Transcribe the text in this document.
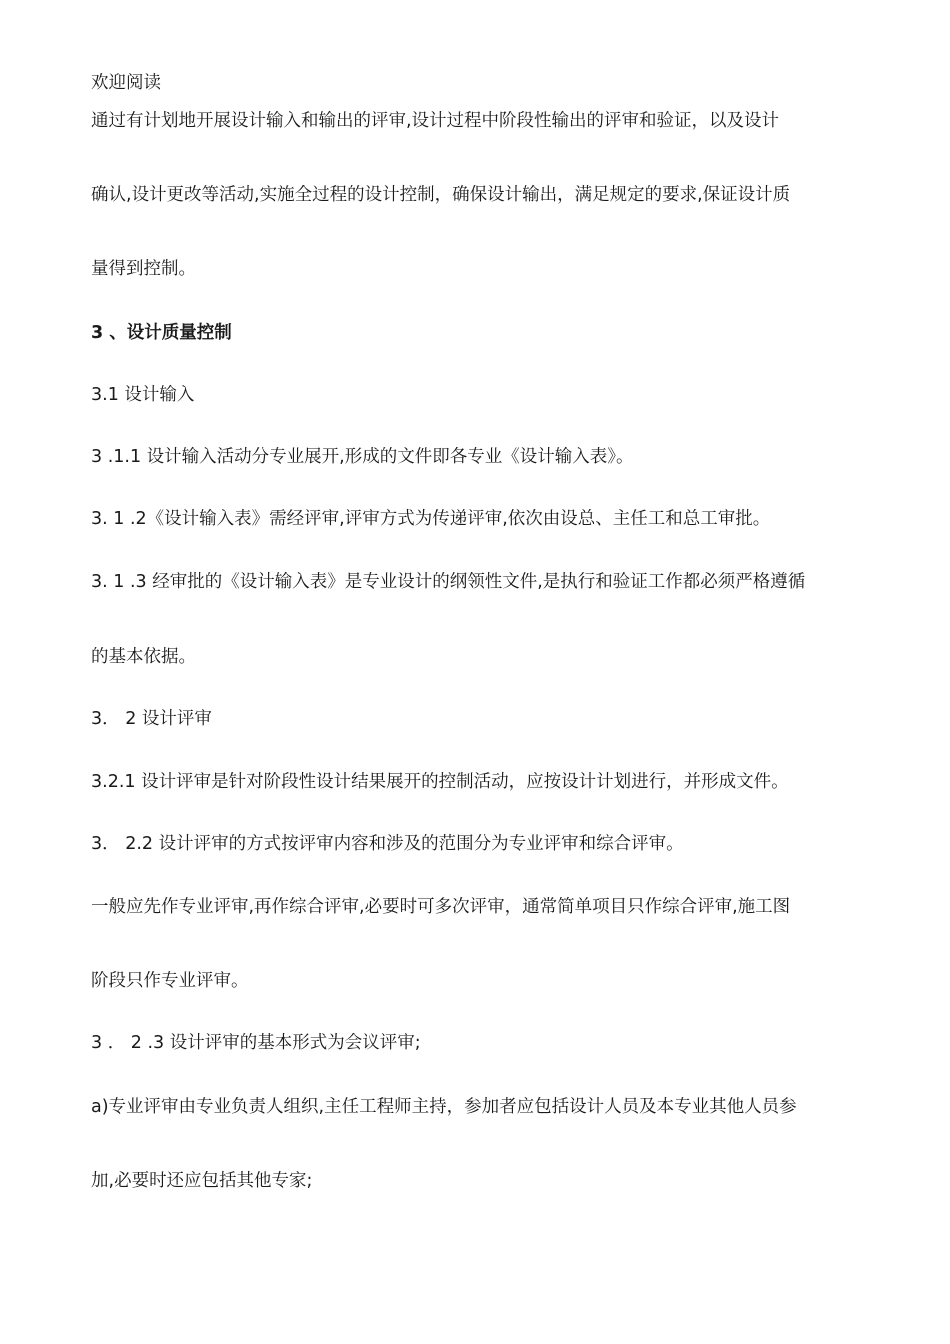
欢迎阅读
通过有计划地开展设计输入和输出的评审,设计过程中阶段性输出的评审和验证，以及设计
确认,设计更改等活动,实施全过程的设计控制，确保设计输出，满足规定的要求,保证设计质
量得到控制。
3 、设计质量控制
3.1 设计输入
3 .1.1 设计输入活动分专业展开,形成的文件即各专业《设计输入表》。
3. 1 .2《设计输入表》需经评审,评审方式为传递评审,依次由设总、主任工和总工审批。
3. 1 .3 经审批的《设计输入表》是专业设计的纲领性文件,是执行和验证工作都必须严格遵循
的基本依据。
3． 2 设计评审
3.2.1 设计评审是针对阶段性设计结果展开的控制活动，应按设计计划进行，并形成文件。
3． 2.2 设计评审的方式按评审内容和涉及的范围分为专业评审和综合评审。
一般应先作专业评审,再作综合评审,必要时可多次评审，通常简单项目只作综合评审,施工图
阶段只作专业评审。
3 ． 2 .3 设计评审的基本形式为会议评审;
a)专业评审由专业负责人组织,主任工程师主持，参加者应包括设计人员及本专业其他人员参
加,必要时还应包括其他专家;
